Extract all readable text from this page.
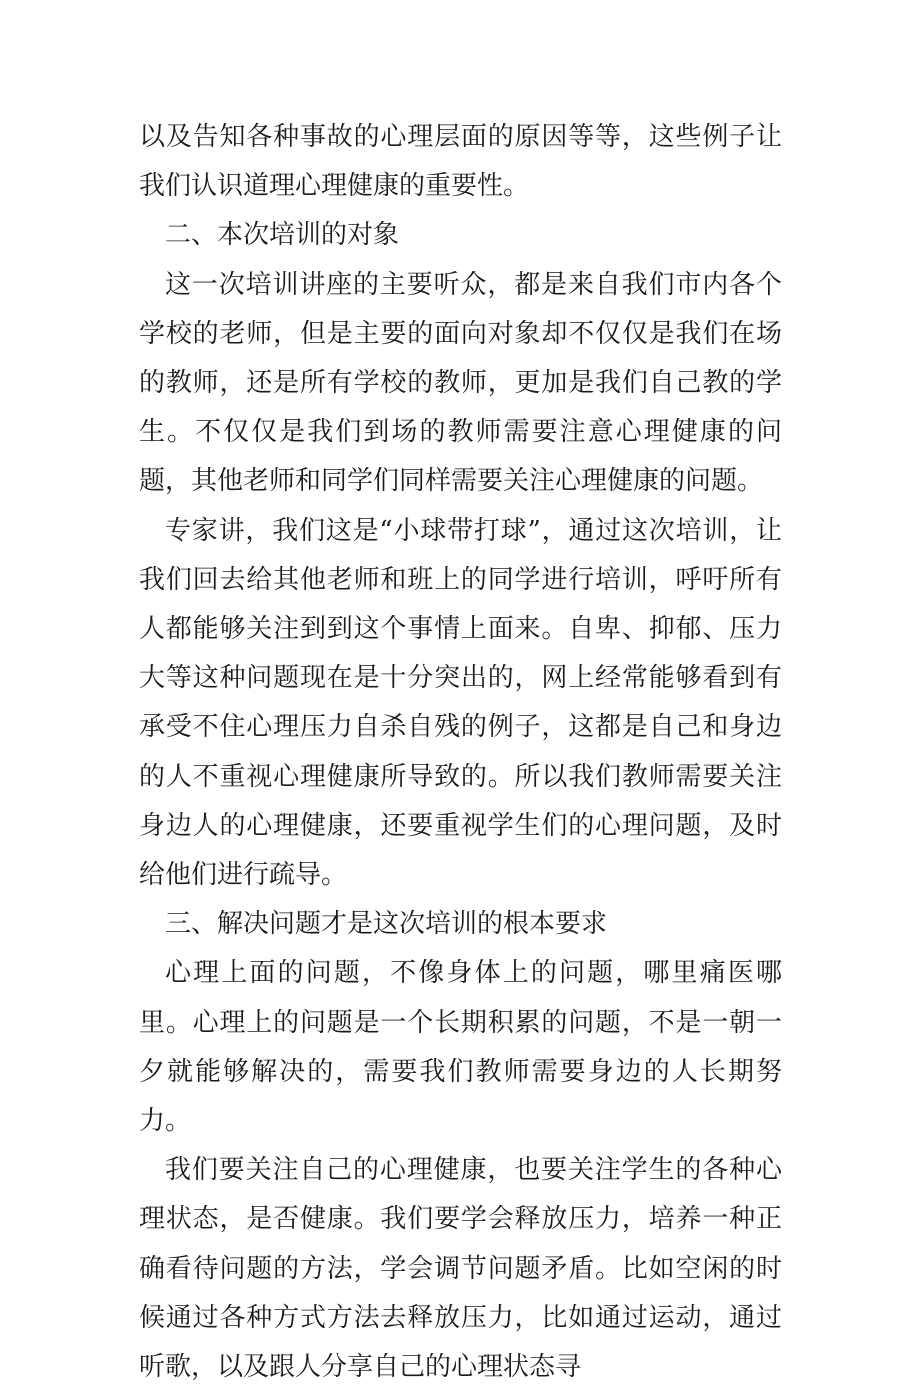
以及告知各种事故的心理层面的原因等等，这些例子让我们认识道理心理健康的重要性。

二、本次培训的对象

这一次培训讲座的主要听众，都是来自我们市内各个学校的老师，但是主要的面向对象却不仅仅是我们在场的教师，还是所有学校的教师，更加是我们自己教的学生。不仅仅是我们到场的教师需要注意心理健康的问题，其他老师和同学们同样需要关注心理健康的问题。

专家讲，我们这是“小球带打球”，通过这次培训，让我们回去给其他老师和班上的同学进行培训，呼吁所有人都能够关注到到这个事情上面来。自卑、抑郁、压力大等这种问题现在是十分突出的，网上经常能够看到有承受不住心理压力自杀自残的例子，这都是自己和身边的人不重视心理健康所导致的。所以我们教师需要关注身边人的心理健康，还要重视学生们的心理问题，及时给他们进行疏导。

三、解决问题才是这次培训的根本要求

心理上面的问题，不像身体上的问题，哪里痛医哪里。心理上的问题是一个长期积累的问题，不是一朝一夕就能够解决的，需要我们教师需要身边的人长期努力。

我们要关注自己的心理健康，也要关注学生的各种心理状态，是否健康。我们要学会释放压力，培养一种正确看待问题的方法，学会调节问题矛盾。比如空闲的时候通过各种方式方法去释放压力，比如通过运动，通过听歌，以及跟人分享自己的心理状态寻
